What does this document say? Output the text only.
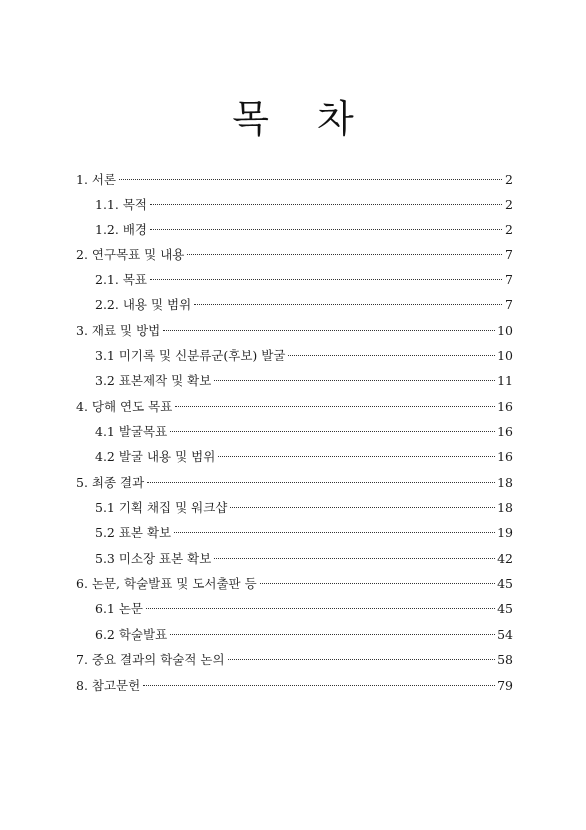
목 차
1. 서론	2
1.1. 목적	2
1.2. 배경	2
2. 연구목표 및 내용	7
2.1. 목표	7
2.2. 내용 및 범위	7
3. 재료 및 방법	10
3.1 미기록 및 신분류군(후보) 발굴	10
3.2 표본제작 및 확보	11
4. 당해 연도 목표	16
4.1 발굴목표	16
4.2 발굴 내용 및 범위	16
5. 최종 결과	18
5.1 기획 채집 및 워크샵	18
5.2 표본 확보	19
5.3 미소장 표본 확보	42
6. 논문, 학술발표 및 도서출판 등	45
6.1 논문	45
6.2 학술발표	54
7. 중요 결과의 학술적 논의	58
8. 참고문헌	79
